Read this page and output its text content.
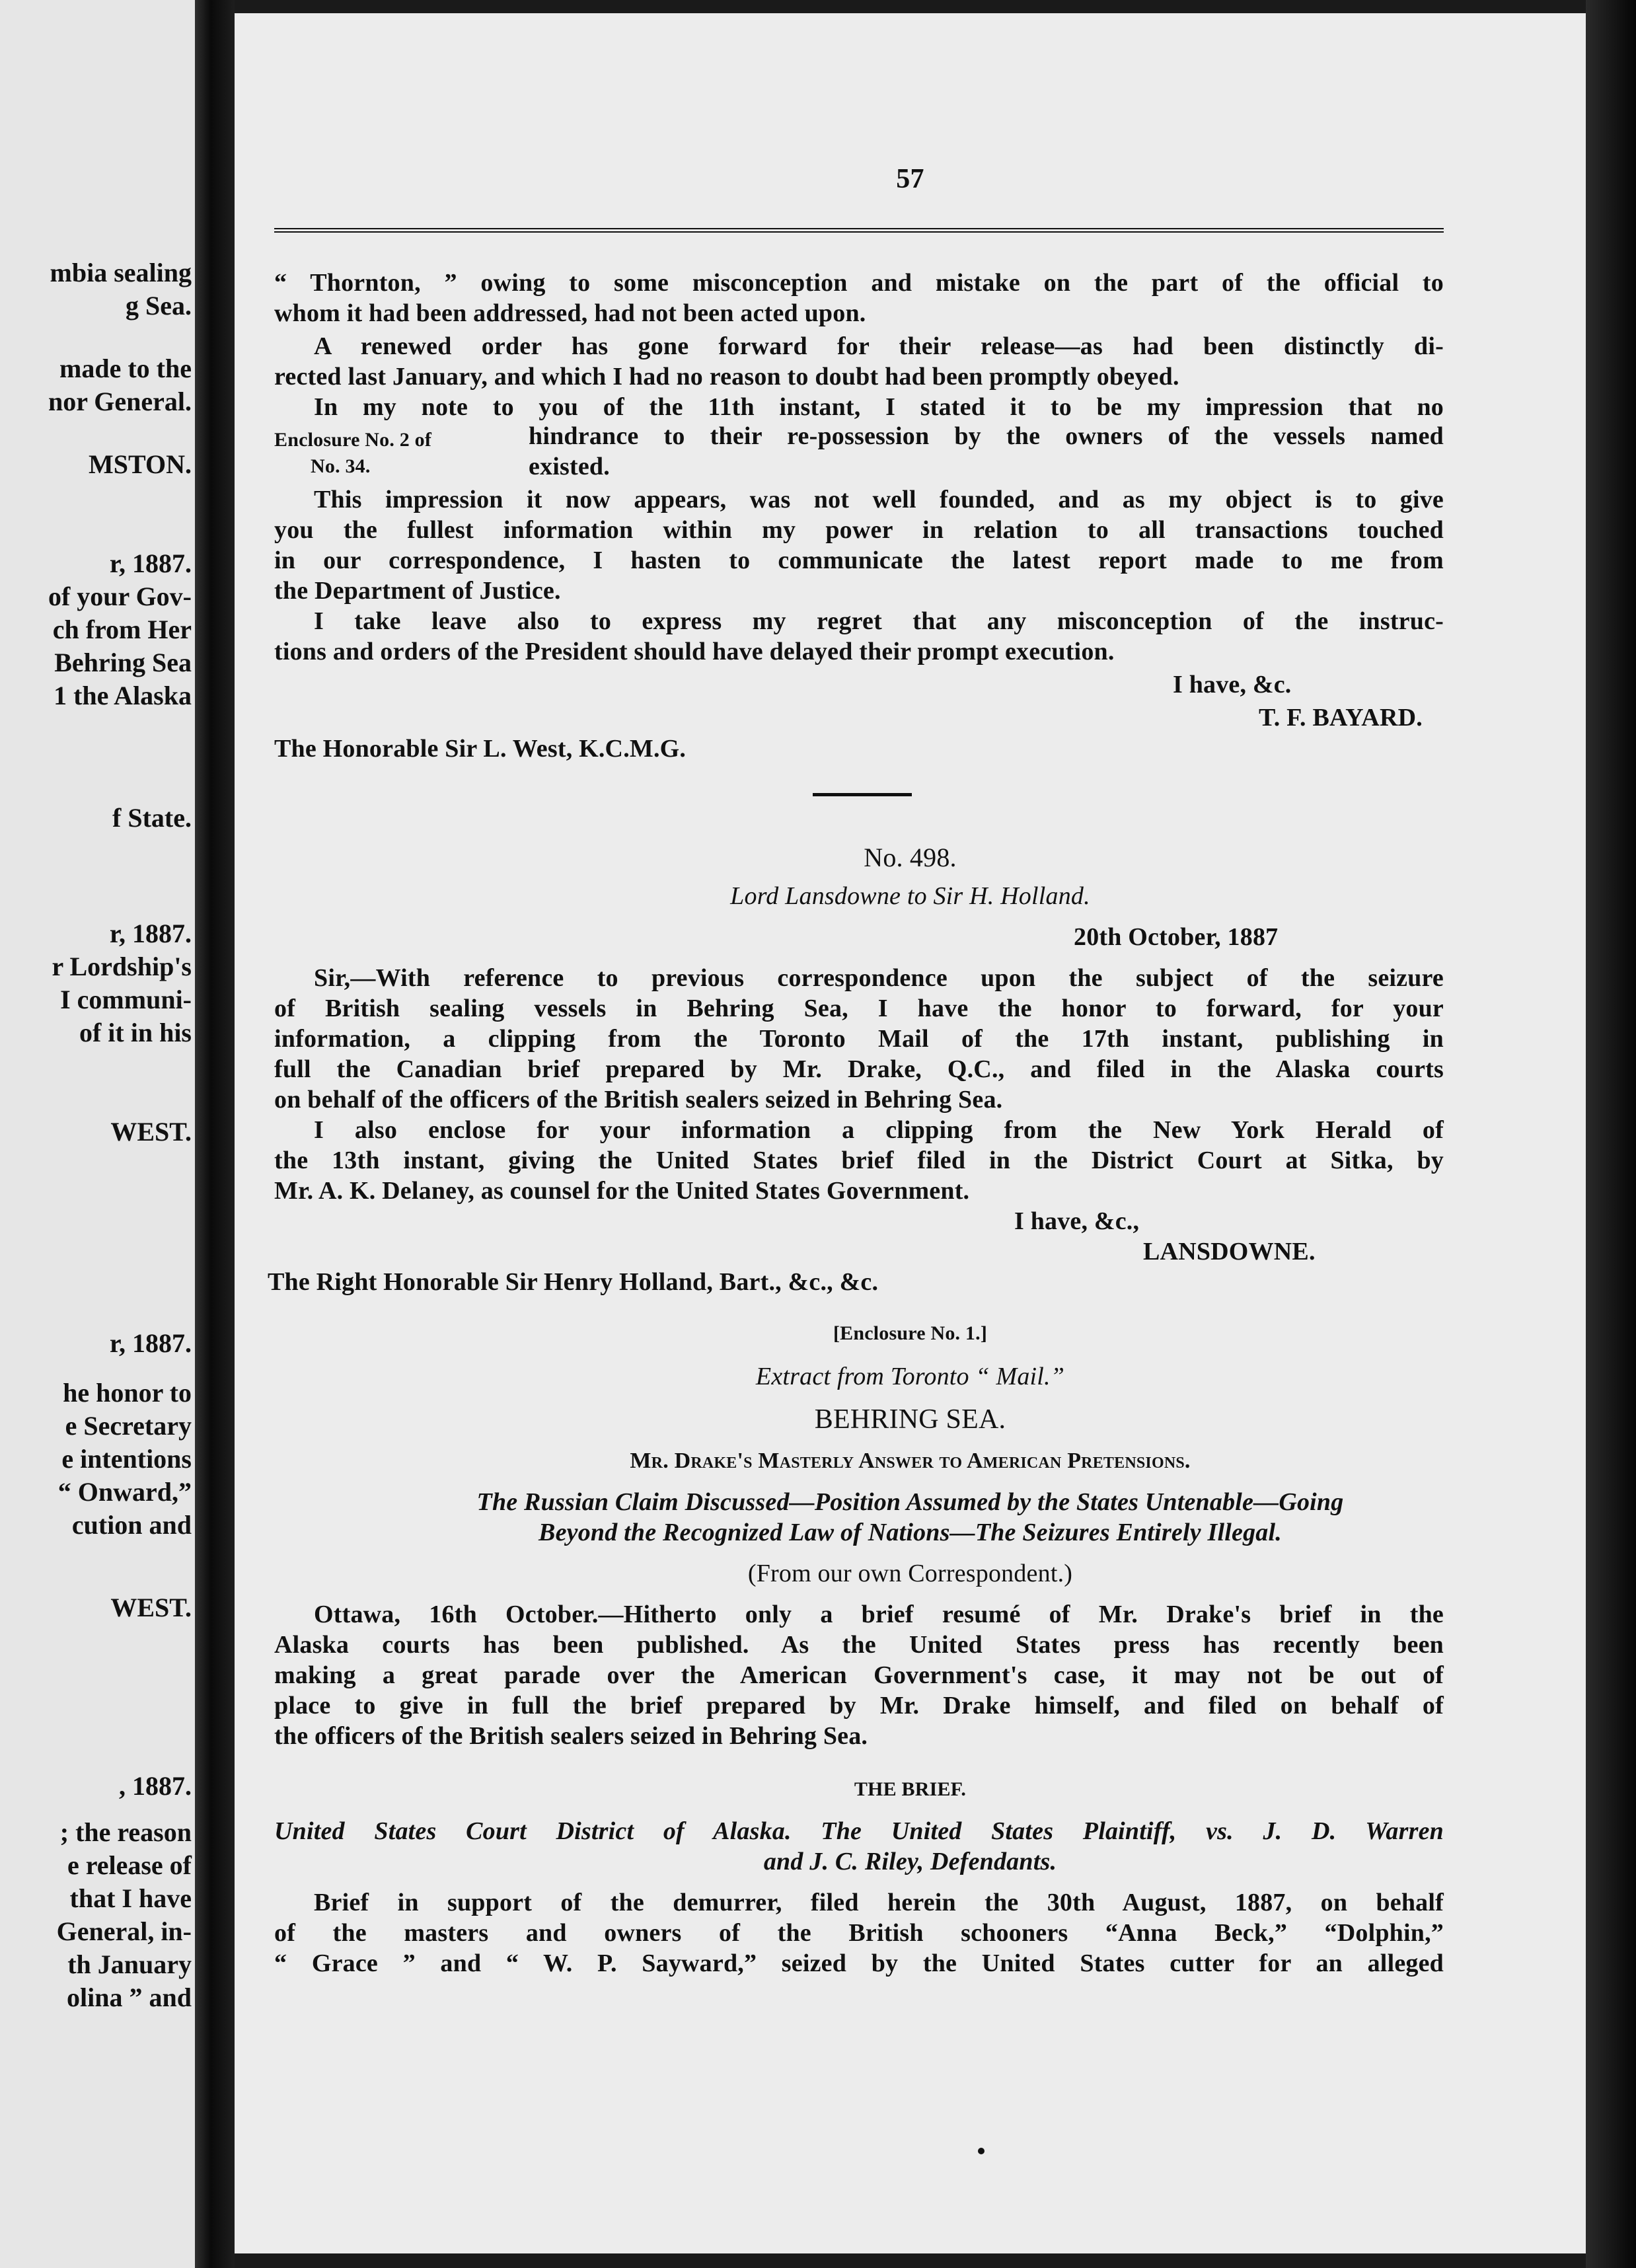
mbia sealing
g Sea.
made to the
nor General.
MSTON.
r, 1887.
of your Gov-
ch from Her
Behring Sea
1 the Alaska
f State.
r, 1887.
r Lordship's
I communi-
of it in his
WEST.
r, 1887.
he honor to
e Secretary
e intentions
“ Onward,”
cution and
WEST.
, 1887.
; the reason
e release of
that I have
General, in-
th January
olina ” and
57
“ Thornton, ” owing to some misconception and mistake on the part of the official to
whom it had been addressed, had not been acted upon.
A renewed order has gone forward for their release—as had been distinctly di-
rected last January, and which I had no reason to doubt had been promptly obeyed.
In my note to you of the 11th instant, I stated it to be my impression that no
Enclosure No. 2 of	hindrance to their re-possession by the owners of the vessels named
No. 34.	existed.
This impression it now appears, was not well founded, and as my object is to give
you the fullest information within my power in relation to all transactions touched
in our correspondence, I hasten to communicate the latest report made to me from
the Department of Justice.
I take leave also to express my regret that any misconception of the instruc-
tions and orders of the President should have delayed their prompt execution.
I have, &c.
T. F. BAYARD.
The Honorable Sir L. West, K.C.M.G.
No. 498.
Lord Lansdowne to Sir H. Holland.
20th October, 1887
Sir,—With reference to previous correspondence upon the subject of the seizure
of British sealing vessels in Behring Sea, I have the honor to forward, for your
information, a clipping from the Toronto Mail of the 17th instant, publishing in
full the Canadian brief prepared by Mr. Drake, Q.C., and filed in the Alaska courts
on behalf of the officers of the British sealers seized in Behring Sea.
I also enclose for your information a clipping from the New York Herald of
the 13th instant, giving the United States brief filed in the District Court at Sitka, by
Mr. A. K. Delaney, as counsel for the United States Government.
I have, &c.,
LANSDOWNE.
The Right Honorable Sir Henry Holland, Bart., &c., &c.
[Enclosure No. 1.]
Extract from Toronto “ Mail.”
BEHRING SEA.
Mr. Drake's Masterly Answer to American Pretensions.
The Russian Claim Discussed—Position Assumed by the States Untenable—Going
Beyond the Recognized Law of Nations—The Seizures Entirely Illegal.
(From our own Correspondent.)
Ottawa, 16th October.—Hitherto only a brief resumé of Mr. Drake's brief in the
Alaska courts has been published. As the United States press has recently been
making a great parade over the American Government's case, it may not be out of
place to give in full the brief prepared by Mr. Drake himself, and filed on behalf of
the officers of the British sealers seized in Behring Sea.
THE BRIEF.
United States Court District of Alaska. The United States Plaintiff, vs. J. D. Warren
and J. C. Riley, Defendants.
Brief in support of the demurrer, filed herein the 30th August, 1887, on behalf
of the masters and owners of the British schooners “Anna Beck,” “Dolphin,”
“ Grace ” and “ W. P. Sayward,” seized by the United States cutter for an alleged
